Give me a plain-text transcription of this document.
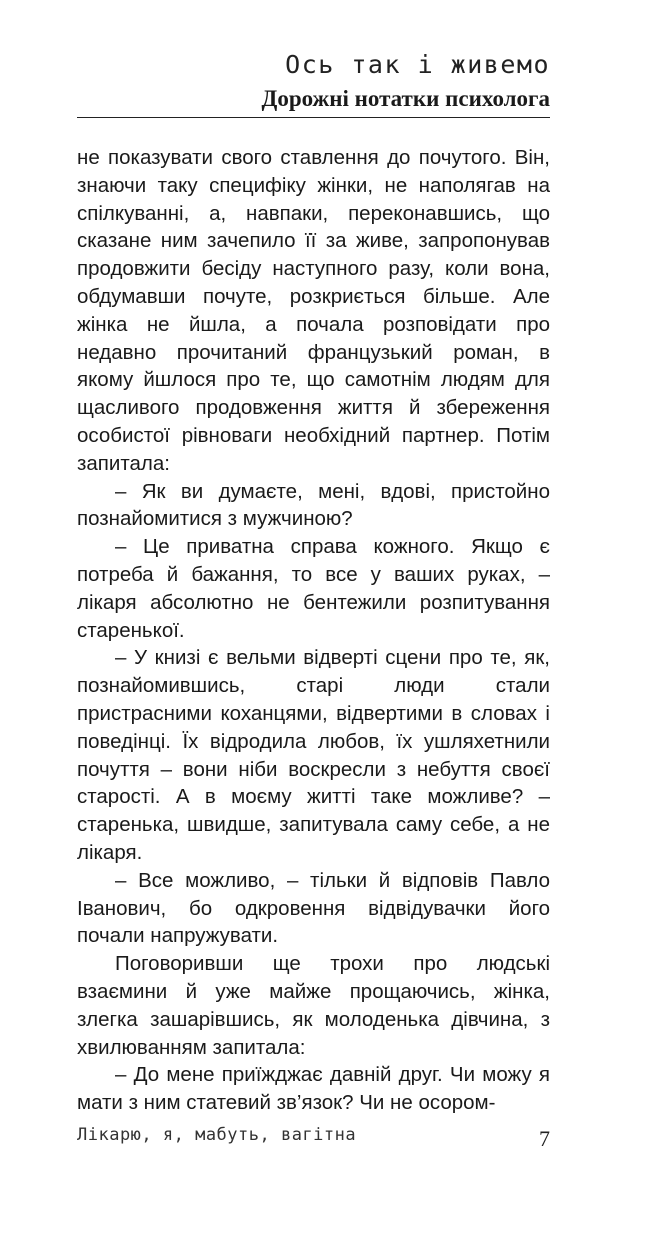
Ось так і живемо
Дорожні нотатки психолога

не показувати свого ставлення до почутого. Він, знаючи таку специфіку жінки, не наполягав на спілкуванні, а, навпаки, переконавшись, що сказане ним зачепило її за живе, запропонував продовжити бесіду наступного разу, коли вона, обдумавши почуте, розкриється більше. Але жінка не йшла, а почала розповідати про недавно прочитаний французький роман, в якому йшлося про те, що самотнім людям для щасливого продовження життя й збереження особистої рівноваги необхідний партнер. Потім запитала:

– Як ви думаєте, мені, вдові, пристойно познайомитися з мужчиною?

– Це приватна справа кожного. Якщо є потреба й бажання, то все у ваших руках, – лікаря абсолютно не бентежили розпитування старенької.

– У книзі є вельми відверті сцени про те, як, познайомившись, старі люди стали пристрасними коханцями, відвертими в словах і поведінці. Їх відродила любов, їх ушляхетнили почуття – вони ніби воскресли з небуття своєї старості. А в моєму житті таке можливе? – старенька, швидше, запитувала саму себе, а не лікаря.

– Все можливо, – тільки й відповів Павло Іванович, бо одкровення відвідувачки його почали напружувати.

Поговоривши ще трохи про людські взаємини й уже майже прощаючись, жінка, злегка зашарівшись, як молоденька дівчина, з хвилюванням запитала:

– До мене приїжджає давній друг. Чи можу я мати з ним статевий зв’язок? Чи не осором-

Лікарю, я, мабуть, вагітна	7
